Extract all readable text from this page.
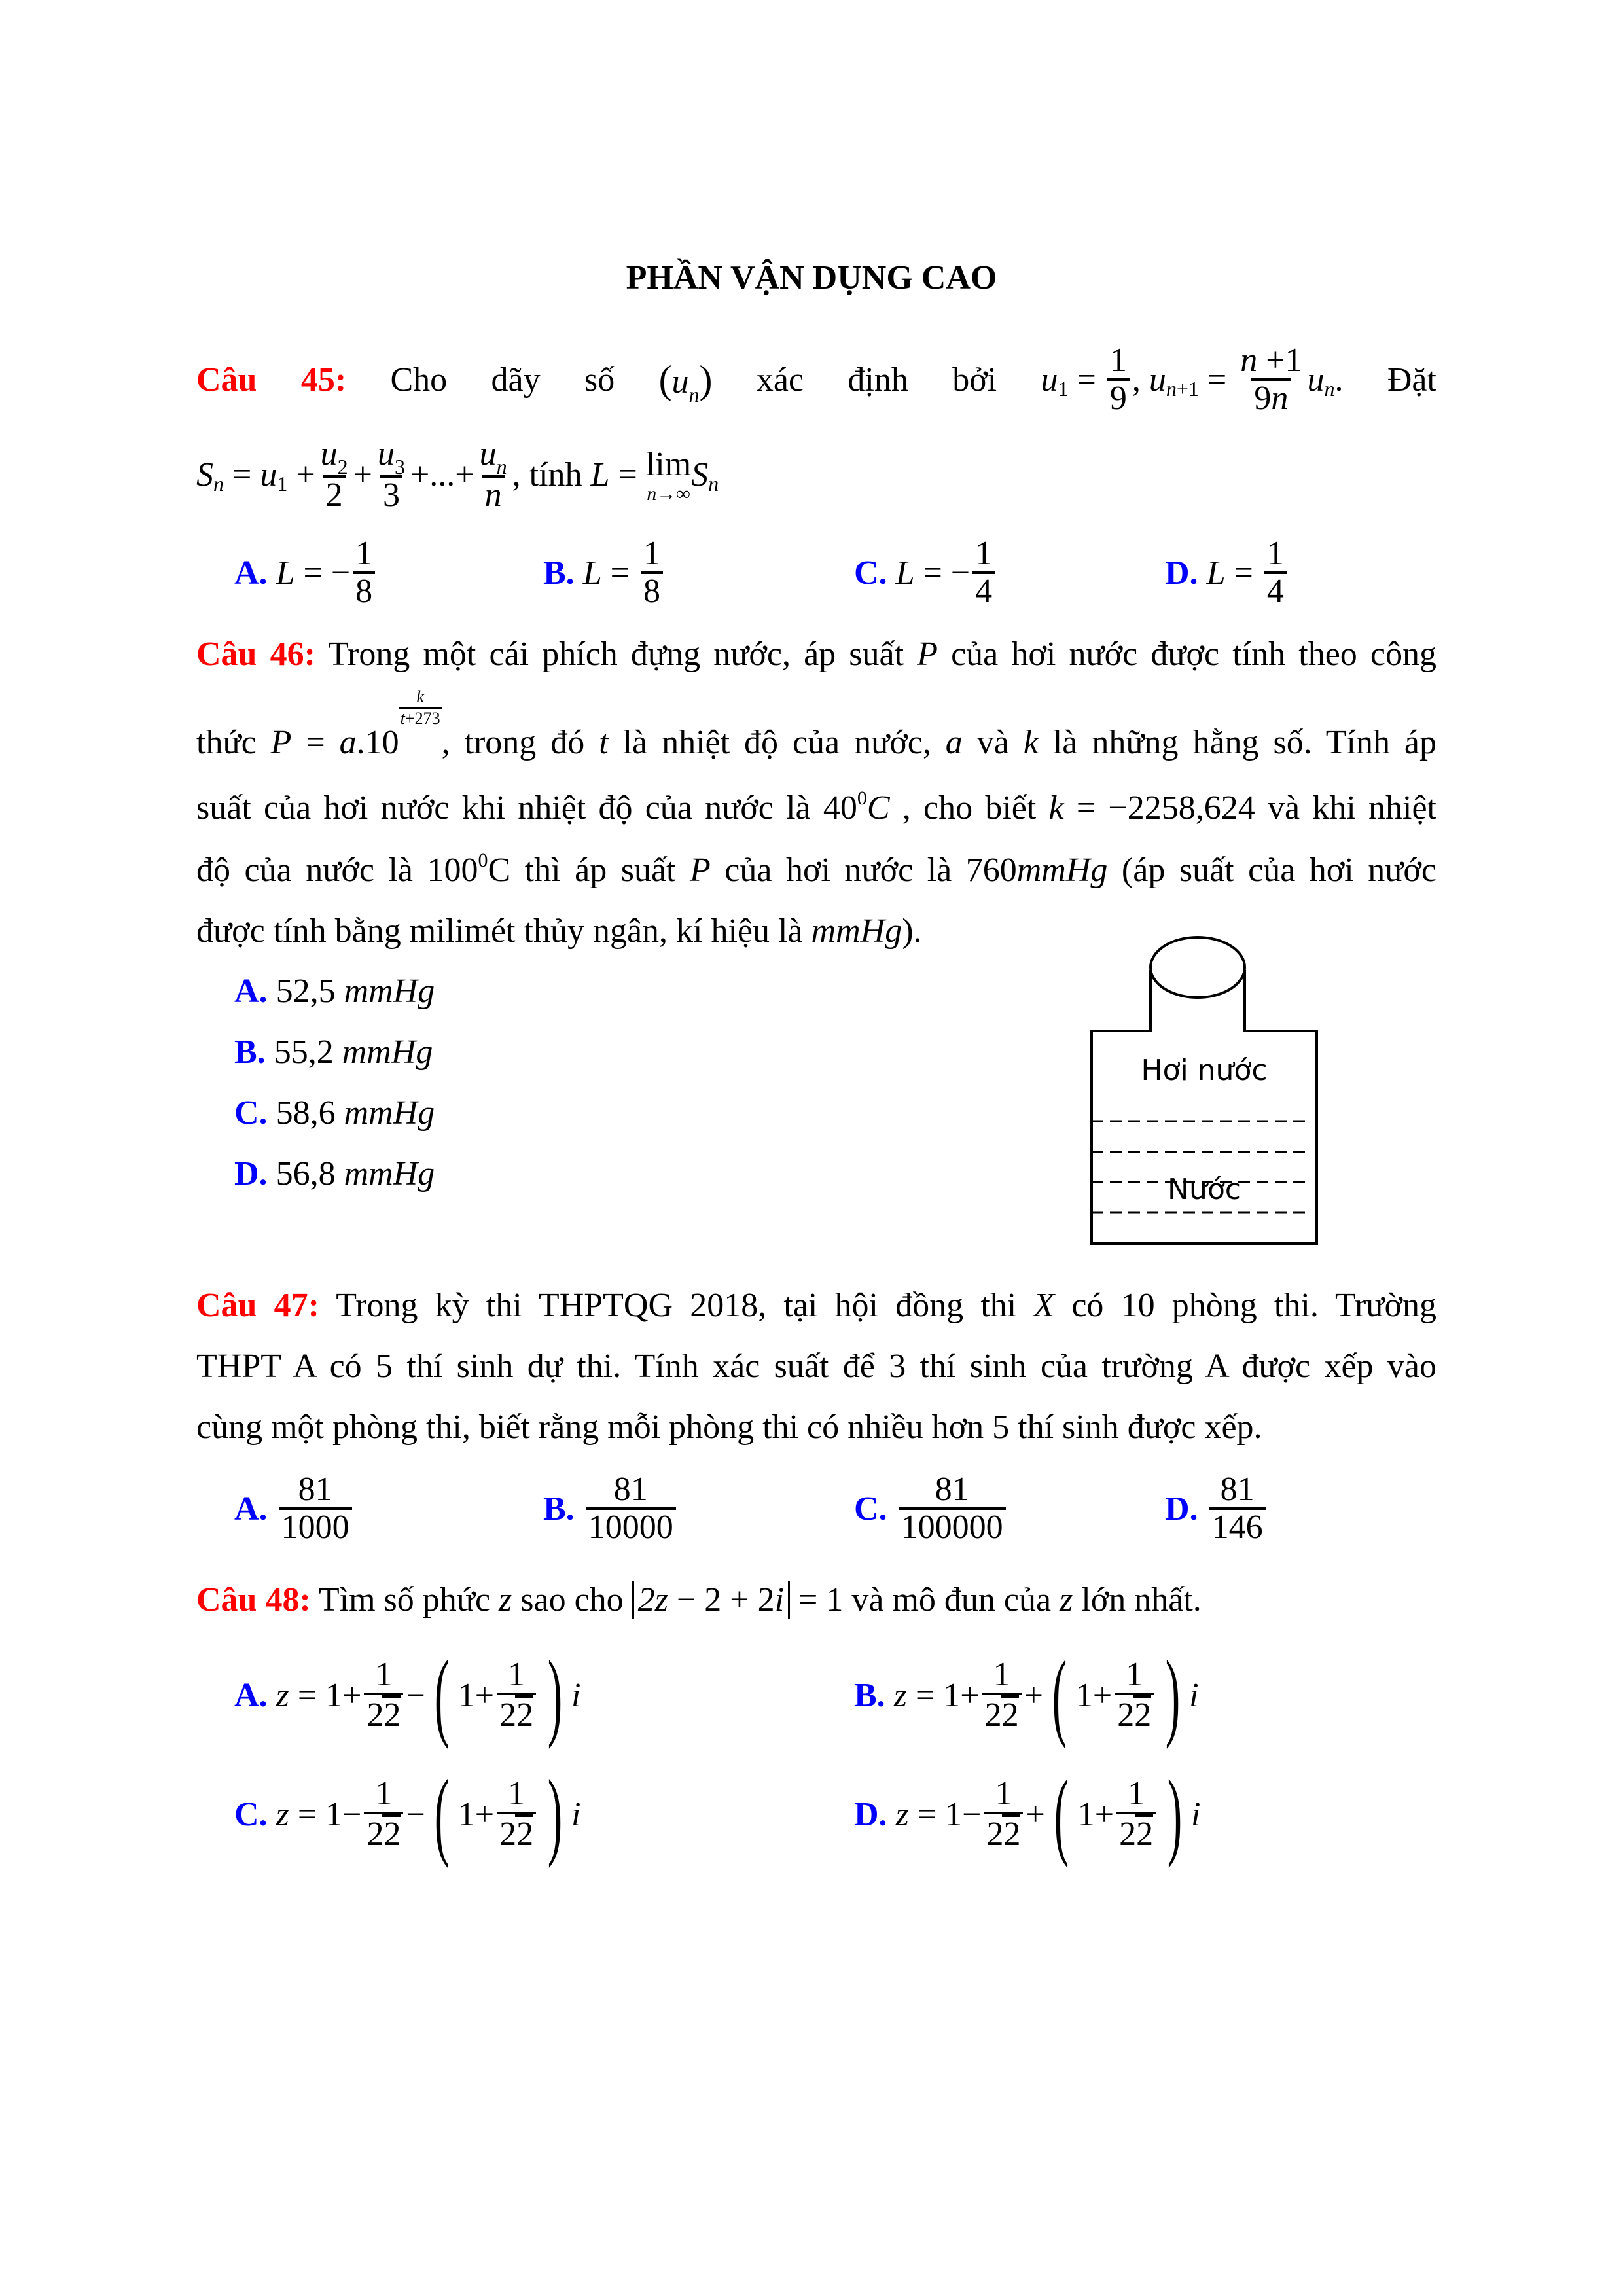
PHẦN VẬN DỤNG CAO
Câu 45: Cho dãy số $(u_n)$ xác định bởi u $1 = \frac{1}{9}$ , u $n+1 = \frac{n +1}{9n}$ u n . Đặt
S n = u $1 + \frac{u_2}{2} + \frac{u_3}{3}$ +...+ $\frac{u_n}{n}$ , tính
L = lim
n→∞
S n
A.
L = − $\frac{1}{8}$	B.
$L = \frac{1}{8}$	C.
L = − $\frac{1}{4}$	D.
$L = \frac{1}{4}$
Câu 46: Trong một cái phích đựng nước, áp suất P của hơi nước được tính theo công
thức P = a.10
$\frac{k}{t+273}$
, trong đó t là nhiệt độ của nước, a và k là những hằng số. Tính áp
suất của hơi nước khi nhiệt độ của nước là $40^0C$ , cho biết k = −2258,624 và khi nhiệt
độ của nước là $100^0C$ thì áp suất P của hơi nước là 760mmHg (áp suất của hơi nước
được tính bằng milimét thủy ngân, kí hiệu là mmHg).
A. 52,5 mmHg
B. 55,2 mmHg
C. 58,6 mmHg
D. 56,8 mmHg
Hơi nước
Nước
Câu 47: Trong kỳ thi THPTQG 2018, tại hội đồng thi X có 10 phòng thi. Trường
THPT A có 5 thí sinh dự thi. Tính xác suất để 3 thí sinh của trường A được xếp vào
cùng một phòng thi, biết rằng mỗi phòng thi có nhiều hơn 5 thí sinh được xếp.
A.
$\frac{81}{1000}$	B.
$\frac{81}{10000}$	C.
$\frac{81}{100000}$	D.
$\frac{81}{146}$
Câu 48: Tìm số phức z sao cho 2z − 2 + 2i = 1 và mô đun của z lớn nhất.
A.
$z = 1 + \frac{1}{22}$ − ( $1+ \frac{1}{22}$ ) i	B.
$z = 1 + \frac{1}{22}$ + ( $1+ \frac{1}{22}$ ) i
C.
$z = 1 - \frac{1}{22}$ − ( $1+ \frac{1}{22}$ ) i	D.
$z = 1 - \frac{1}{22}$ + ( $1+ \frac{1}{22}$ ) i
